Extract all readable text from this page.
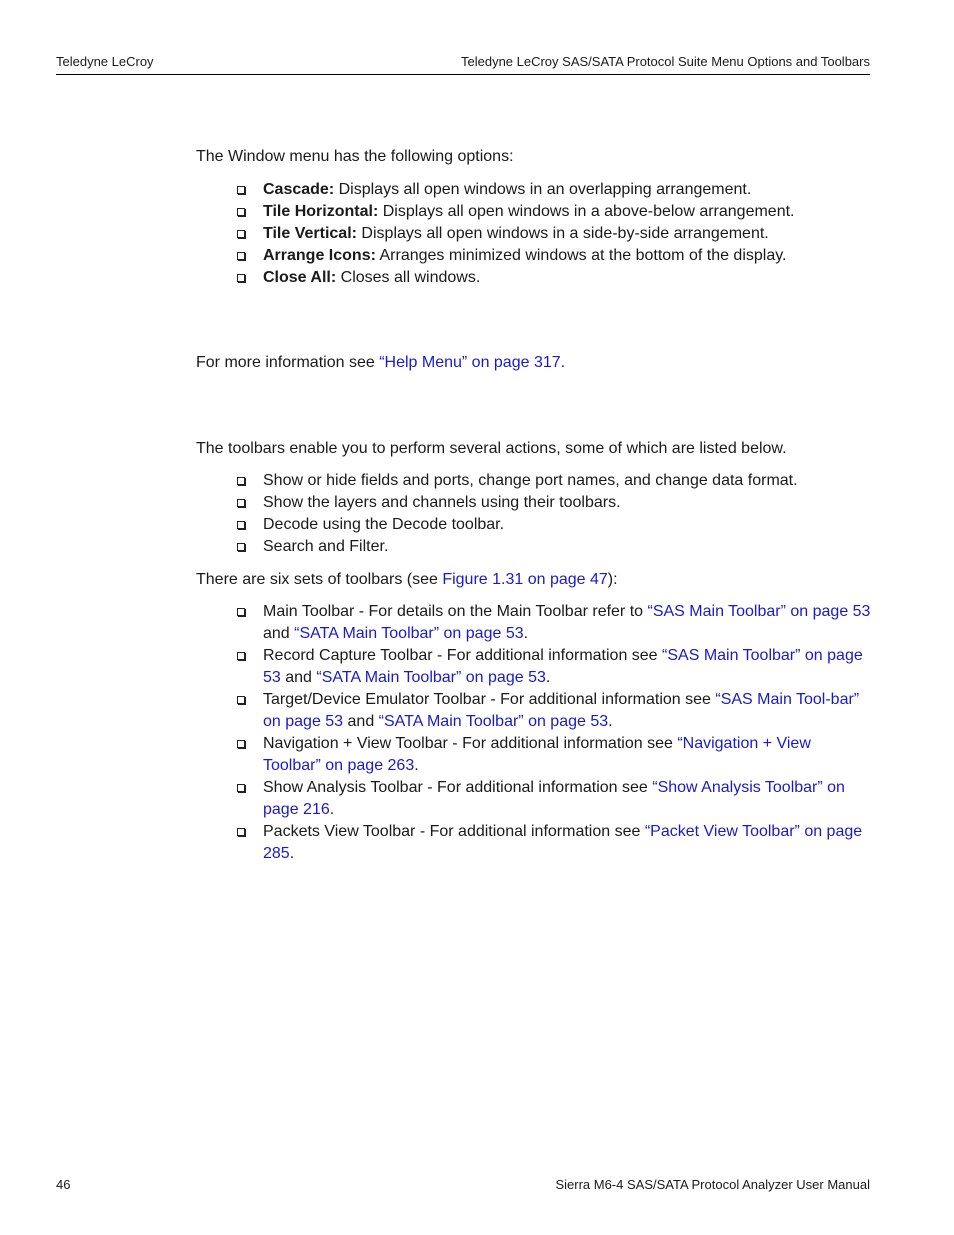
Teledyne LeCroy	Teledyne LeCroy SAS/SATA Protocol Suite Menu Options and Toolbars
The Window menu has the following options:
Cascade: Displays all open windows in an overlapping arrangement.
Tile Horizontal: Displays all open windows in a above-below arrangement.
Tile Vertical: Displays all open windows in a side-by-side arrangement.
Arrange Icons: Arranges minimized windows at the bottom of the display.
Close All: Closes all windows.
For more information see “Help Menu” on page 317.
The toolbars enable you to perform several actions, some of which are listed below.
Show or hide fields and ports, change port names, and change data format.
Show the layers and channels using their toolbars.
Decode using the Decode toolbar.
Search and Filter.
There are six sets of toolbars (see Figure 1.31 on page 47):
Main Toolbar - For details on the Main Toolbar refer to “SAS Main Toolbar” on page 53 and “SATA Main Toolbar” on page 53.
Record Capture Toolbar - For additional information see “SAS Main Toolbar” on page 53 and “SATA Main Toolbar” on page 53.
Target/Device Emulator Toolbar - For additional information see “SAS Main Tool-bar” on page 53 and “SATA Main Toolbar” on page 53.
Navigation + View Toolbar - For additional information see “Navigation + View Toolbar” on page 263.
Show Analysis Toolbar - For additional information see “Show Analysis Toolbar” on page 216.
Packets View Toolbar - For additional information see “Packet View Toolbar” on page 285.
46	Sierra M6-4 SAS/SATA Protocol Analyzer User Manual
